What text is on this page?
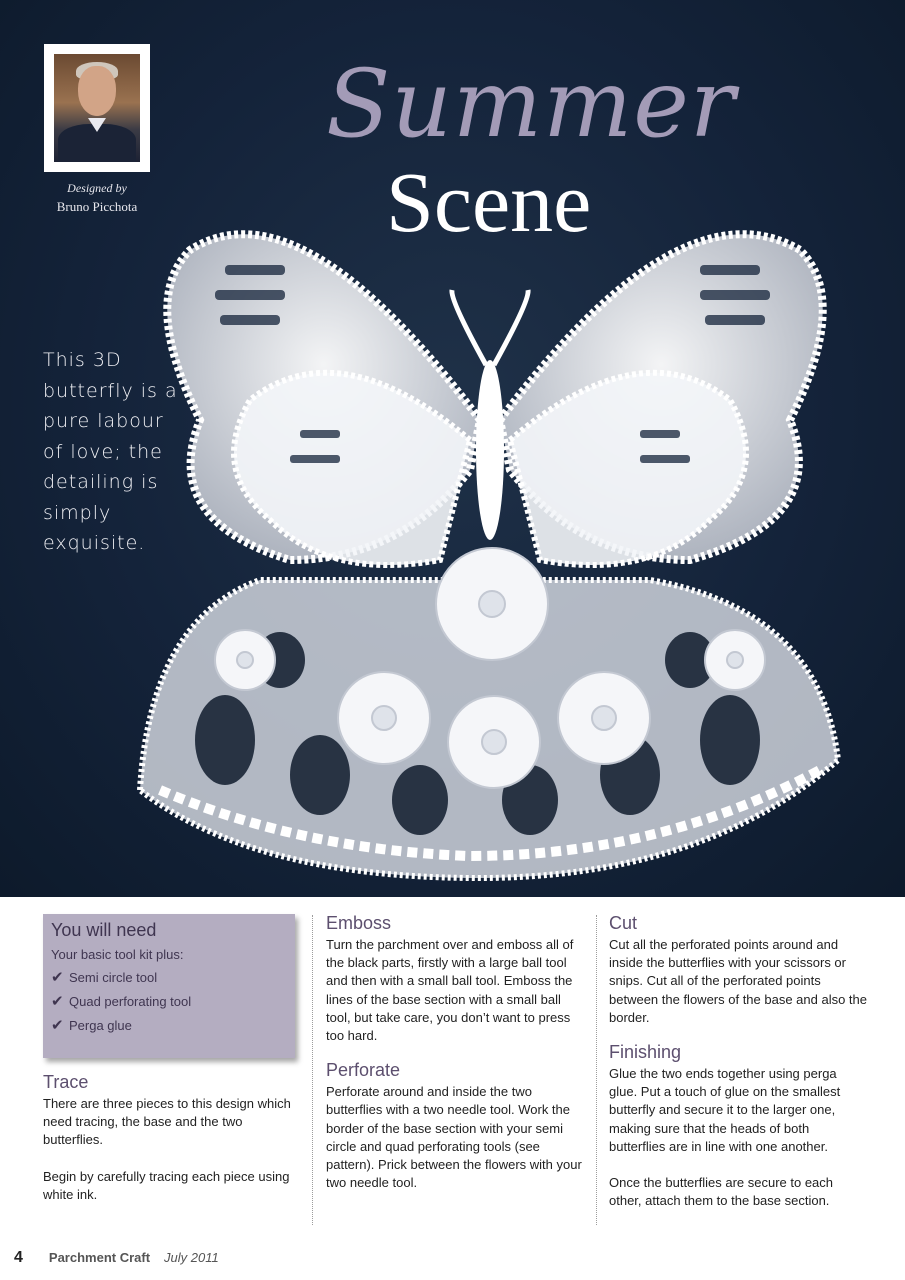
Designed by
Bruno Picchota
Summer
Scene
This 3D butterfly is a pure labour of love; the detailing is simply exquisite.
You will need
Your basic tool kit plus:
✔ Semi circle tool
✔ Quad perforating tool
✔ Perga glue
Trace

There are three pieces to this design which need tracing, the base and the two butterflies.

Begin by carefully tracing each piece using white ink.

Emboss

Turn the parchment over and emboss all of the black parts, firstly with a large ball tool and then with a small ball tool. Emboss the lines of the base section with a small ball tool, but take care, you don’t want to press too hard.

Perforate

Perforate around and inside the two butterflies with a two needle tool. Work the border of the base section with your semi circle and quad perforating tools (see pattern). Prick between the flowers with your two needle tool.

Cut

Cut all the perforated points around and inside the butterflies with your scissors or snips. Cut all of the perforated points between the flowers of the base and also the border.

Finishing

Glue the two ends together using perga glue. Put a touch of glue on the smallest butterfly and secure it to the larger one, making sure that the heads of both butterflies are in line with one another.

Once the butterflies are secure to each other, attach them to the base section.

4 Parchment Craft July 2011
